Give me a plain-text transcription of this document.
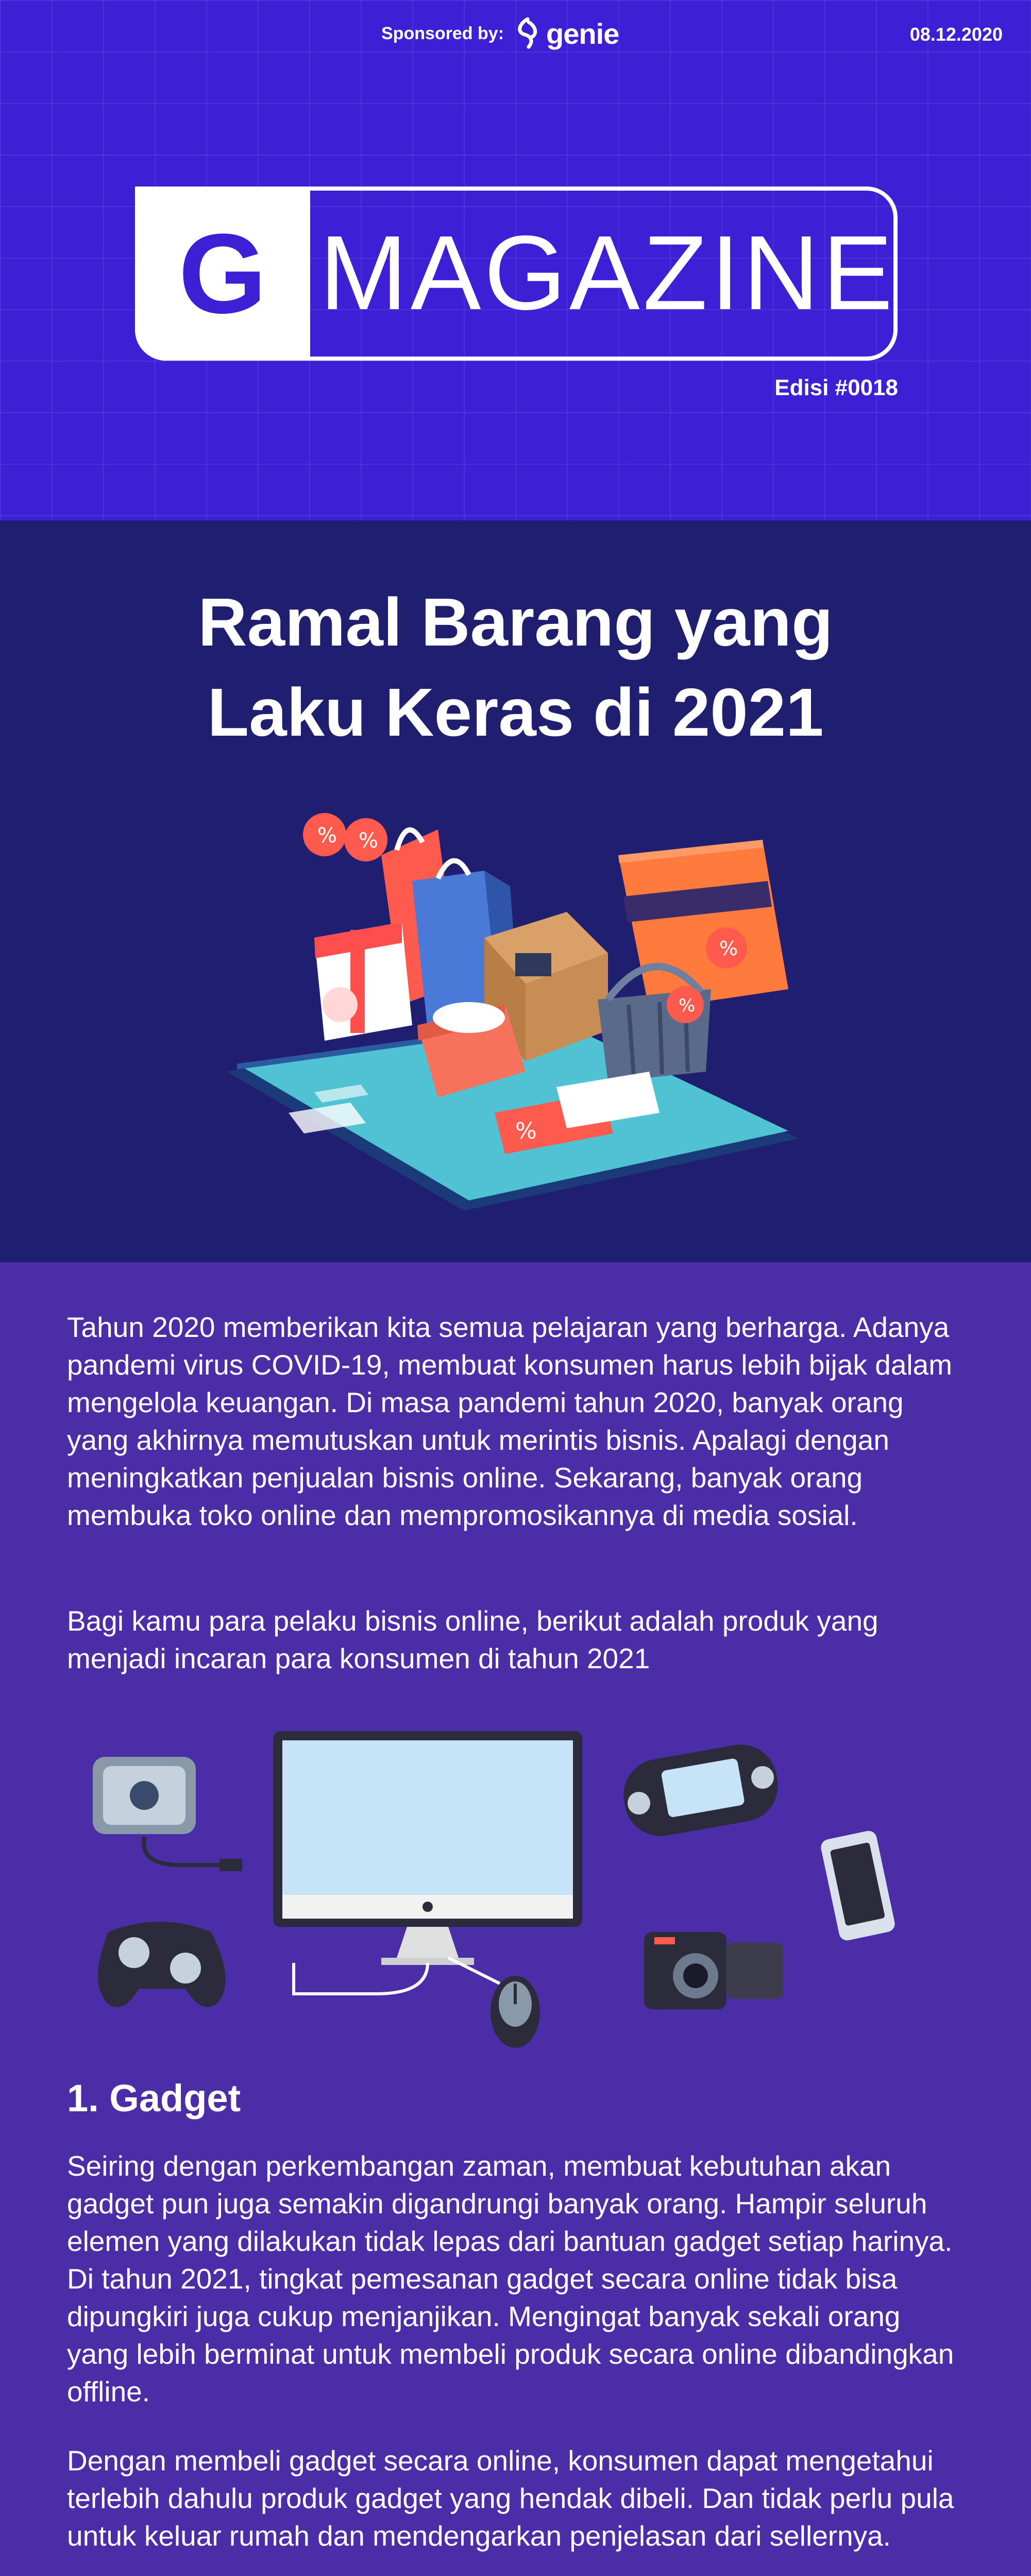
Sponsored by: genie	08.12.2020
G MAGAZINE
Edisi #0018
Ramal Barang yang
Laku Keras di 2021
%
% %
%
%
Tahun 2020 memberikan kita semua pelajaran yang berharga. Adanya pandemi virus COVID-19, membuat konsumen harus lebih bijak dalam mengelola keuangan. Di masa pandemi tahun 2020, banyak orang yang akhirnya memutuskan untuk merintis bisnis. Apalagi dengan meningkatkan penjualan bisnis online. Sekarang, banyak orang membuka toko online dan mempromosikannya di media sosial.
Bagi kamu para pelaku bisnis online, berikut adalah produk yang menjadi incaran para konsumen di tahun 2021
1. Gadget
Seiring dengan perkembangan zaman, membuat kebutuhan akan gadget pun juga semakin digandrungi banyak orang. Hampir seluruh elemen yang dilakukan tidak lepas dari bantuan gadget setiap harinya. Di tahun 2021, tingkat pemesanan gadget secara online tidak bisa dipungkiri juga cukup menjanjikan. Mengingat banyak sekali orang yang lebih berminat untuk membeli produk secara online dibandingkan offline.
Dengan membeli gadget secara online, konsumen dapat mengetahui terlebih dahulu produk gadget yang hendak dibeli. Dan tidak perlu pula untuk keluar rumah dan mendengarkan penjelasan dari sellernya.
